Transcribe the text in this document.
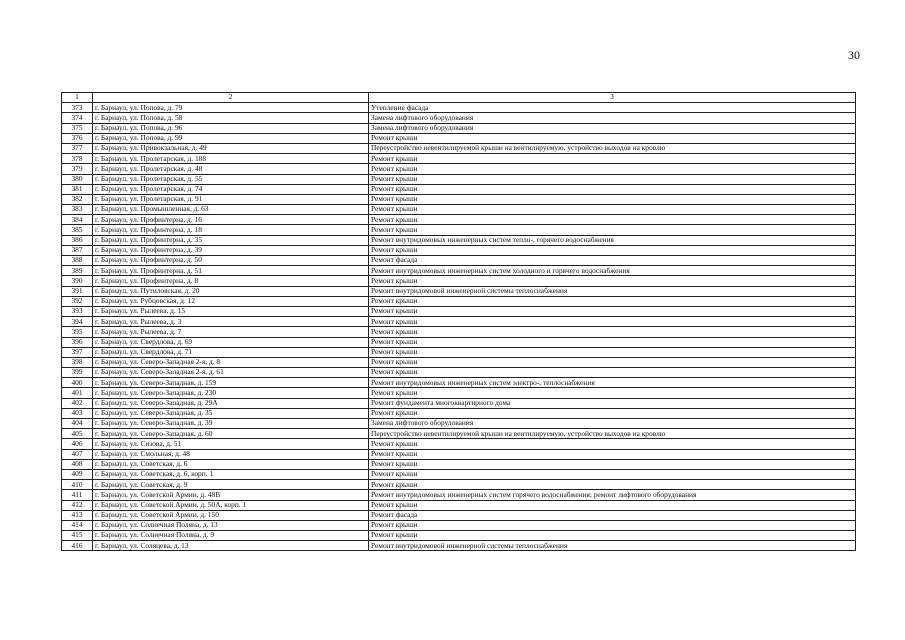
30
1	2	3
373	г. Барнаул, ул. Попова, д. 79	Утепление фасада
374	г. Барнаул, ул. Попова, д. 58	Замена лифтового оборудования
375	г. Барнаул, ул. Попова, д. 96	Замена лифтового оборудования
376	г. Барнаул, ул. Попова, д. 99	Ремонт крыши
377	г. Барнаул, ул. Привокзальная, д. 49	Переустройство невентилируемой крыши на вентилируемую, устройство выходов на кровлю
378	г. Барнаул, ул. Пролетарская, д. 188	Ремонт крыши
379	г. Барнаул, ул. Пролетарская, д. 48	Ремонт крыши
380	г. Барнаул, ул. Пролетарская, д. 55	Ремонт крыши
381	г. Барнаул, ул. Пролетарская, д. 74	Ремонт крыши
382	г. Барнаул, ул. Пролетарская, д. 91	Ремонт крыши
383	г. Барнаул, ул. Промышленная, д. 63	Ремонт крыши
384	г. Барнаул, ул. Профинтерна, д. 16	Ремонт крыши
385	г. Барнаул, ул. Профинтерна, д. 18	Ремонт крыши
386	г. Барнаул, ул. Профинтерна, д. 35	Ремонт внутридомовых инженерных систем тепло-, горячего водоснабжения
387	г. Барнаул, ул. Профинтерна, д. 39	Ремонт крыши
388	г. Барнаул, ул. Профинтерна, д. 50	Ремонт фасада
389	г. Барнаул, ул. Профинтерна, д. 51	Ремонт внутридомовых инженерных систем холодного и горячего водоснабжения
390	г. Барнаул, ул. Профинтерна, д. 8	Ремонт крыши
391	г. Барнаул, ул. Путиловская, д. 20	Ремонт внутридомовой инженерной системы теплоснабжения
392	г. Барнаул, ул. Рубцовская, д. 12	Ремонт крыши
393	г. Барнаул, ул. Рылеева, д. 15	Ремонт крыши
394	г. Барнаул, ул. Рылеева, д. 3	Ремонт крыши
395	г. Барнаул, ул. Рылеева, д. 7	Ремонт крыши
396	г. Барнаул, ул. Свердлова, д. 69	Ремонт крыши
397	г. Барнаул, ул. Свердлова, д. 71	Ремонт крыши
398	г. Барнаул, ул. Северо-Западная 2-я, д. 8	Ремонт крыши
399	г. Барнаул, ул. Северо-Западная 2-я, д. 61	Ремонт крыши
400	г. Барнаул, ул. Северо-Западная, д. 159	Ремонт внутридомовых инженерных систем электро-, теплоснабжения
401	г. Барнаул, ул. Северо-Западная, д. 230	Ремонт крыши
402	г. Барнаул, ул. Северо-Западная, д. 29А	Ремонт фундамента многоквартирного дома
403	г. Барнаул, ул. Северо-Западная, д. 35	Ремонт крыши
404	г. Барнаул, ул. Северо-Западная, д. 39	Замена лифтового оборудования
405	г. Барнаул, ул. Северо-Западная, д. 60	Переустройство невентилируемой крыши на вентилируемую, устройство выходов на кровлю
406	г. Барнаул, ул. Сизова, д. 51	Ремонт крыши
407	г. Барнаул, ул. Смольная, д. 48	Ремонт крыши
408	г. Барнаул, ул. Советская, д. 6	Ремонт крыши
409	г. Барнаул, ул. Советская, д. 6, корп. 1	Ремонт крыши
410	г. Барнаул, ул. Советская, д. 9	Ремонт крыши
411	г. Барнаул, ул. Советской Армии, д. 48В	Ремонт внутридомовых инженерных систем горячего водоснабжения; ремонт лифтового оборудования
412	г. Барнаул, ул. Советской Армии, д. 50А, корп. 1	Ремонт крыши
413	г. Барнаул, ул. Советской Армии, д. 150	Ремонт фасада
414	г. Барнаул, ул. Солнечная Поляна, д. 13	Ремонт крыши
415	г. Барнаул, ул. Солнечная Поляна, д. 9	Ремонт крыши
416	г. Барнаул, ул. Соляцева, д. 13	Ремонт внутридомовой инженерной системы теплоснабжения
